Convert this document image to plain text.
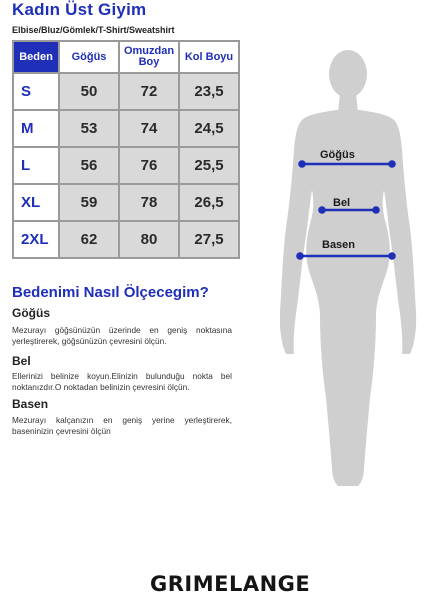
Kadın Üst Giyim
Elbise/Bluz/Gömlek/T-Shirt/Sweatshirt
Beden	Göğüs	Omuzdan Boy	Kol Boyu
S	50	72	23,5
M	53	74	24,5
L	56	76	25,5
XL	59	78	26,5
2XL	62	80	27,5
Bedenimi Nasıl Ölçecegim?
Göğüs
Mezurayı göğsünüzün üzerinde en geniş noktasına yerleştirerek, göğsünüzün çevresini ölçün.
Bel
Ellerinizi belinize koyun.Elinizin bulunduğu nokta bel noktanızdır.O noktadan belinizin çevresini ölçün.
Basen
Mezurayı kalçanızın en geniş yerine yerleştirerek, baseninizin çevresini ölçün
Göğüs
Bel
Basen
GRIMELANGE
